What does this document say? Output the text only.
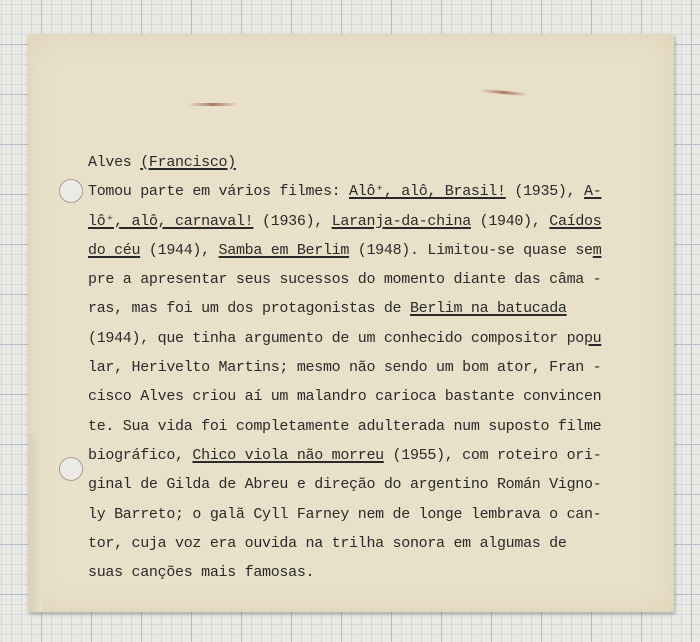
Alves (Francisco)
Tomou parte em vários filmes: Alô⁺, alô, Brasil! (1935), A-
lô⁺, alô, carnaval! (1936), Laranja-da-china (1940), Caídos
do céu (1944), Samba em Berlim (1948). Limitou-se quase sem
pre a apresentar seus sucessos do momento diante das câma -
ras, mas foi um dos protagonistas de Berlim na batucada
(1944), que tinha argumento de um conhecido compositor popu
lar, Herivelto Martins; mesmo não sendo um bom ator, Fran -
cisco Alves criou aí um malandro carioca bastante convincen
te. Sua vida foi completamente adulterada num suposto filme
biográfico, Chico viola não morreu (1955), com roteiro ori-
ginal de Gilda de Abreu e direção do argentino Román Vigno-
ly Barreto; o galã Cyll Farney nem de longe lembrava o can-
tor, cuja voz era ouvida na trilha sonora em algumas de
suas canções mais famosas.
